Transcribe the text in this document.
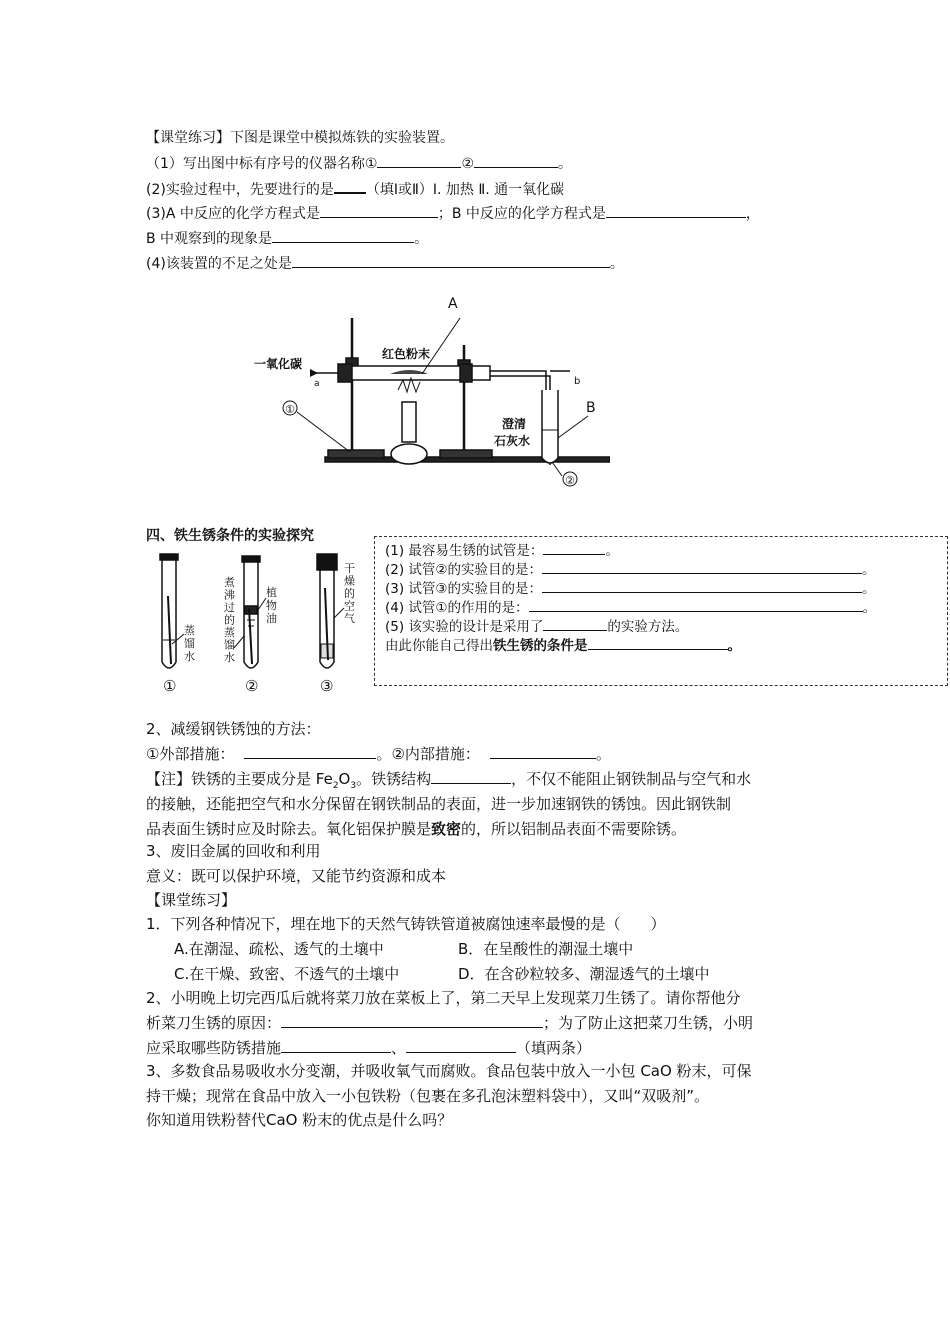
【课堂练习】下图是课堂中模拟炼铁的实验装置。
（1）写出图中标有序号的仪器名称①	②	。
(2)实验过程中，先要进行的是 （填Ⅰ或Ⅱ）Ⅰ. 加热 Ⅱ. 通一氧化碳
(3)A 中反应的化学方程式是	；B 中反应的化学方程式是	，
B 中观察到的现象是	。
(4)该装置的不足之处是	。
A
B
①
②
一氧化碳
a	b
红色粉末
澄清
石灰水
四、铁生锈条件的实验探究
蒸
馏
水
煮
沸
过
的
蒸
馏
水
植
物
油
干
燥
的
空
气
①	②	③
(1) 最容易生锈的试管是：	。
(2) 试管②的实验目的是：	。
(3) 试管③的实验目的是：	。
(4) 试管①的作用的是：	。
(5) 该实验的设计是采用了	的实验方法。
由此你能自己得出铁生锈的条件是	。
2、减缓钢铁锈蚀的方法：
①外部措施：	。②内部措施：	。
【注】铁锈的主要成分是 $Fe_2O_3$。铁锈结构	，不仅不能阻止钢铁制品与空气和水
的接触，还能把空气和水分保留在钢铁制品的表面，进一步加速钢铁的锈蚀。因此钢铁制
品表面生锈时应及时除去。氧化铝保护膜是致密的，所以铝制品表面不需要除锈。
3、废旧金属的回收和利用
意义：既可以保护环境，又能节约资源和成本
【课堂练习】
1．下列各种情况下，埋在地下的天然气铸铁管道被腐蚀速率最慢的是（　　）
A.在潮湿、疏松、透气的土壤中	B．在呈酸性的潮湿土壤中
C.在干燥、致密、不透气的土壤中	D．在含砂粒较多、潮湿透气的土壤中
2、小明晚上切完西瓜后就将菜刀放在菜板上了，第二天早上发现菜刀生锈了。请你帮他分
析菜刀生锈的原因：	；为了防止这把菜刀生锈，小明
应采取哪些防锈措施	、	（填两条）
3、多数食品易吸收水分变潮，并吸收氧气而腐败。食品包装中放入一小包 CaO 粉末，可保
持干燥；现常在食品中放入一小包铁粉（包裹在多孔泡沫塑料袋中），又叫“双吸剂”。
你知道用铁粉替代CaO 粉末的优点是什么吗？
